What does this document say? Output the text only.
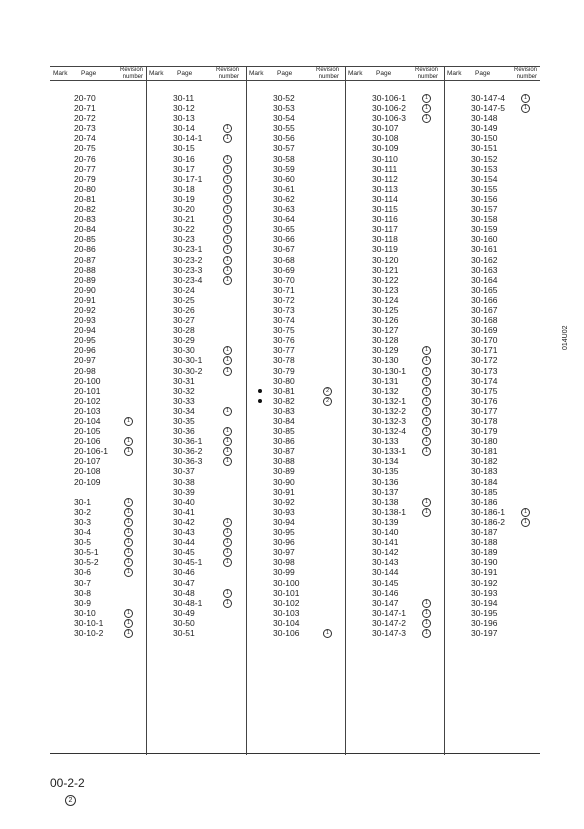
Mark Page	Revision
number Mark Page	Revision
number Mark Page	Revision
number Mark Page	Revision
number Mark Page	Revision
number
20-70
20-71
20-72
20-73
20-74
20-75
20-76
20-77
20-79
20-80
20-81
20-82
20-83
20-84
20-85
20-86
20-87
20-88
20-89
20-90
20-91
20-92
20-93
20-94
20-95
20-96
20-97
20-98
20-100
20-101
20-102
20-103
20-104	1
20-105
20-106	1
20-106-1	1
20-107
20-108
20-109
30-1	1
30-2	1
30-3	1
30-4	1
30-5	1
30-5-1	1
30-5-2	1
30-6	1
30-7
30-8
30-9
30-10	1
30-10-1	1
30-10-2	1
30-11
30-12
30-13
30-14	1
30-14-1	1
30-15
30-16	1
30-17	1
30-17-1	1
30-18	1
30-19	1
30-20	1
30-21	1
30-22	1
30-23	1
30-23-1	1
30-23-2	1
30-23-3	1
30-23-4	1
30-24
30-25
30-26
30-27
30-28
30-29
30-30	1
30-30-1	1
30-30-2	1
30-31
30-32
30-33
30-34	1
30-35
30-36	1
30-36-1	1
30-36-2	1
30-36-3	1
30-37
30-38
30-39
30-40
30-41
30-42	1
30-43	1
30-44	1
30-45	1
30-45-1	1
30-46
30-47
30-48	1
30-48-1	1
30-49
30-50
30-51
30-52
30-53
30-54
30-55
30-56
30-57
30-58
30-59
30-60
30-61
30-62
30-63
30-64
30-65
30-66
30-67
30-68
30-69
30-70
30-71
30-72
30-73
30-74
30-75
30-76
30-77
30-78
30-79
30-80
30-81	2
30-82	2
30-83
30-84
30-85
30-86
30-87
30-88
30-89
30-90
30-91
30-92
30-93
30-94
30-95
30-96
30-97
30-98
30-99
30-100
30-101
30-102
30-103
30-104
30-106	1
30-106-1	1
30-106-2	1
30-106-3	1
30-107
30-108
30-109
30-110
30-111
30-112
30-113
30-114
30-115
30-116
30-117
30-118
30-119
30-120
30-121
30-122
30-123
30-124
30-125
30-126
30-127
30-128
30-129	1
30-130	1
30-130-1	1
30-131	1
30-132	1
30-132-1	1
30-132-2	1
30-132-3	1
30-132-4	1
30-133	1
30-133-1	1
30-134
30-135
30-136
30-137
30-138	1
30-138-1	1
30-139
30-140
30-141
30-142
30-143
30-144
30-145
30-146
30-147	1
30-147-1	1
30-147-2	1
30-147-3	1
30-147-4	1
30-147-5	1
30-148
30-149
30-150
30-151
30-152
30-153
30-154
30-155
30-156
30-157
30-158
30-159
30-160
30-161
30-162
30-163
30-164
30-165
30-166
30-167
30-168
30-169
30-170
30-171
30-172
30-173
30-174
30-175
30-176
30-177
30-178
30-179
30-180
30-181
30-182
30-183
30-184
30-185
30-186
30-186-1	1
30-186-2	1
30-187
30-188
30-189
30-190
30-191
30-192
30-193
30-194
30-195
30-196
30-197
014U02
00-2-2
2
